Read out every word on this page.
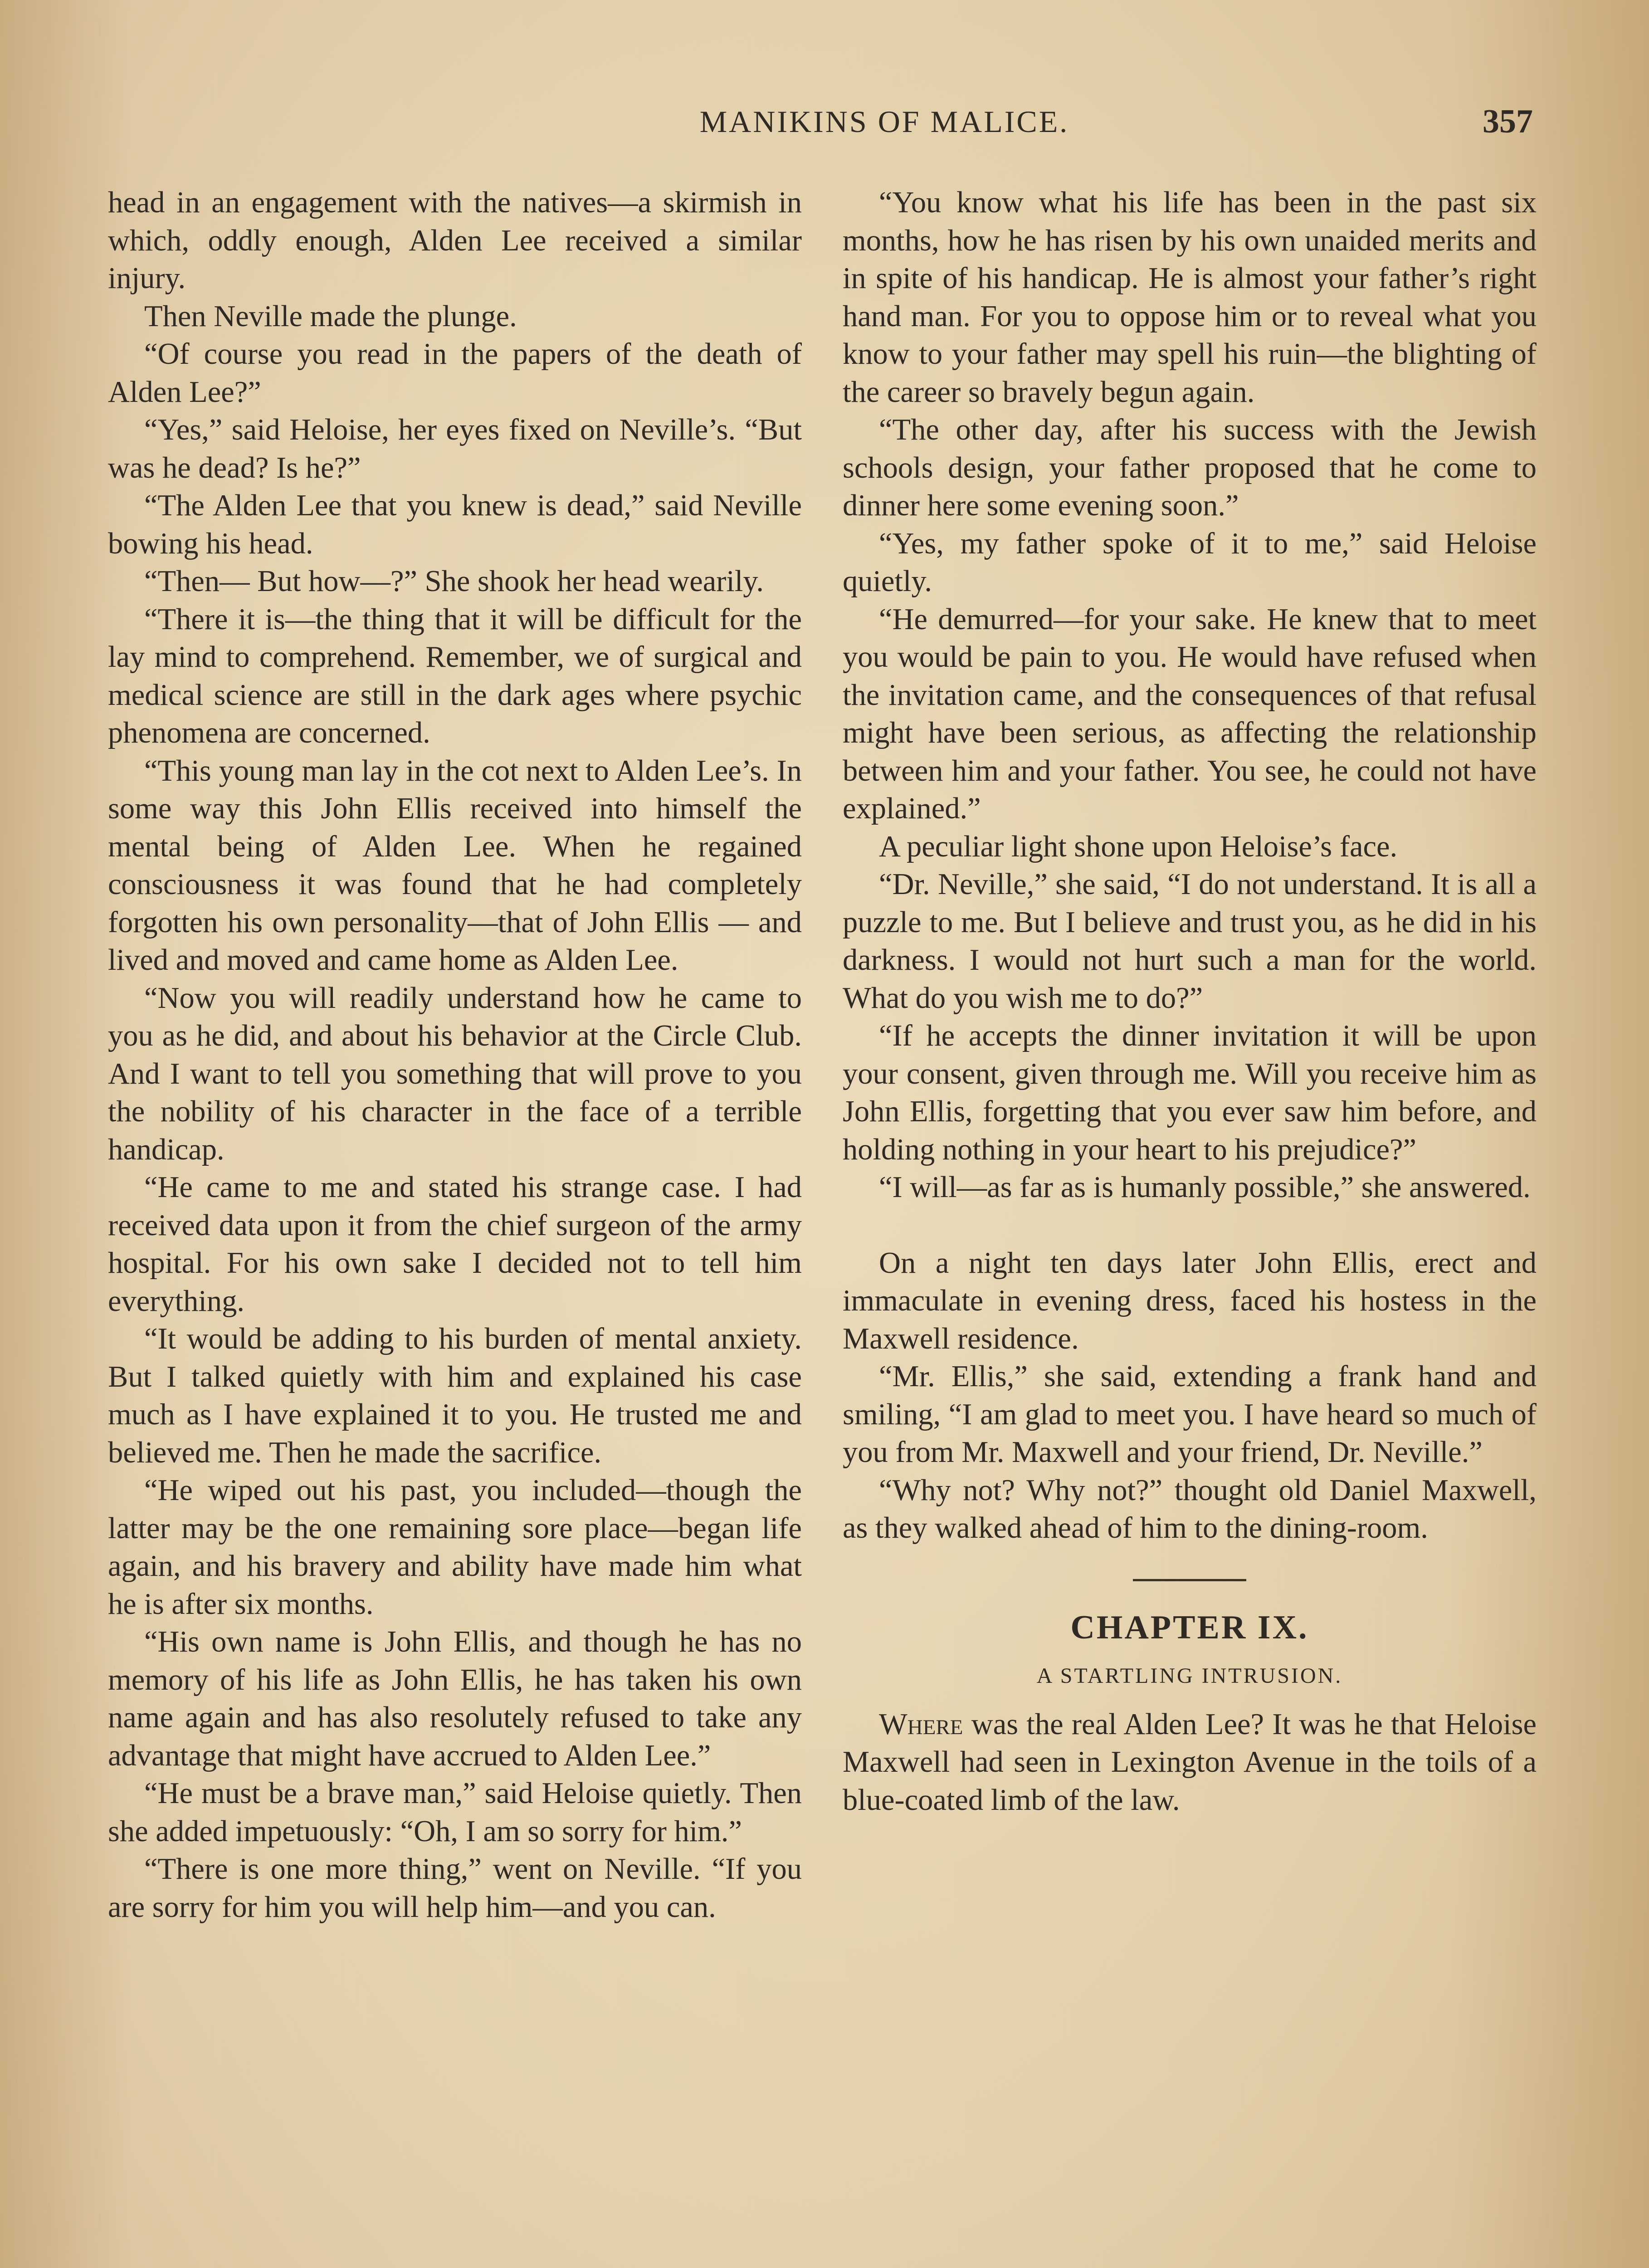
MANIKINS OF MALICE.	357

head in an engagement with the natives—a skirmish in which, oddly enough, Alden Lee received a similar injury.

Then Neville made the plunge.

“Of course you read in the papers of the death of Alden Lee?”

“Yes,” said Heloise, her eyes fixed on Neville’s. “But was he dead? Is he?”

“The Alden Lee that you knew is dead,” said Neville bowing his head.

“Then— But how—?” She shook her head wearily.

“There it is—the thing that it will be difficult for the lay mind to comprehend. Remember, we of surgical and medical science are still in the dark ages where psychic phenomena are concerned.

“This young man lay in the cot next to Alden Lee’s. In some way this John Ellis received into himself the mental being of Alden Lee. When he regained consciousness it was found that he had completely forgotten his own personality—that of John Ellis — and lived and moved and came home as Alden Lee.

“Now you will readily understand how he came to you as he did, and about his behavior at the Circle Club. And I want to tell you something that will prove to you the nobility of his character in the face of a terrible handicap.

“He came to me and stated his strange case. I had received data upon it from the chief surgeon of the army hospital. For his own sake I decided not to tell him everything.

“It would be adding to his burden of mental anxiety. But I talked quietly with him and explained his case much as I have explained it to you. He trusted me and believed me. Then he made the sacrifice.

“He wiped out his past, you included—though the latter may be the one remaining sore place—began life again, and his bravery and ability have made him what he is after six months.

“His own name is John Ellis, and though he has no memory of his life as John Ellis, he has taken his own name again and has also resolutely refused to take any advantage that might have accrued to Alden Lee.”

“He must be a brave man,” said Heloise quietly. Then she added impetuously: “Oh, I am so sorry for him.”

“There is one more thing,” went on Neville. “If you are sorry for him you will help him—and you can.

“You know what his life has been in the past six months, how he has risen by his own unaided merits and in spite of his handicap. He is almost your father’s right hand man. For you to oppose him or to reveal what you know to your father may spell his ruin—the blighting of the career so bravely begun again.

“The other day, after his success with the Jewish schools design, your father proposed that he come to dinner here some evening soon.”

“Yes, my father spoke of it to me,” said Heloise quietly.

“He demurred—for your sake. He knew that to meet you would be pain to you. He would have refused when the invitation came, and the consequences of that refusal might have been serious, as affecting the relationship between him and your father. You see, he could not have explained.”

A peculiar light shone upon Heloise’s face.

“Dr. Neville,” she said, “I do not understand. It is all a puzzle to me. But I believe and trust you, as he did in his darkness. I would not hurt such a man for the world. What do you wish me to do?”

“If he accepts the dinner invitation it will be upon your consent, given through me. Will you receive him as John Ellis, forgetting that you ever saw him before, and holding nothing in your heart to his prejudice?”

“I will—as far as is humanly possible,” she answered.

On a night ten days later John Ellis, erect and immaculate in evening dress, faced his hostess in the Maxwell residence.

“Mr. Ellis,” she said, extending a frank hand and smiling, “I am glad to meet you. I have heard so much of you from Mr. Maxwell and your friend, Dr. Neville.”

“Why not? Why not?” thought old Daniel Maxwell, as they walked ahead of him to the dining-room.

CHAPTER IX.
A STARTLING INTRUSION.

Where was the real Alden Lee? It was he that Heloise Maxwell had seen in Lexington Avenue in the toils of a blue-coated limb of the law.
